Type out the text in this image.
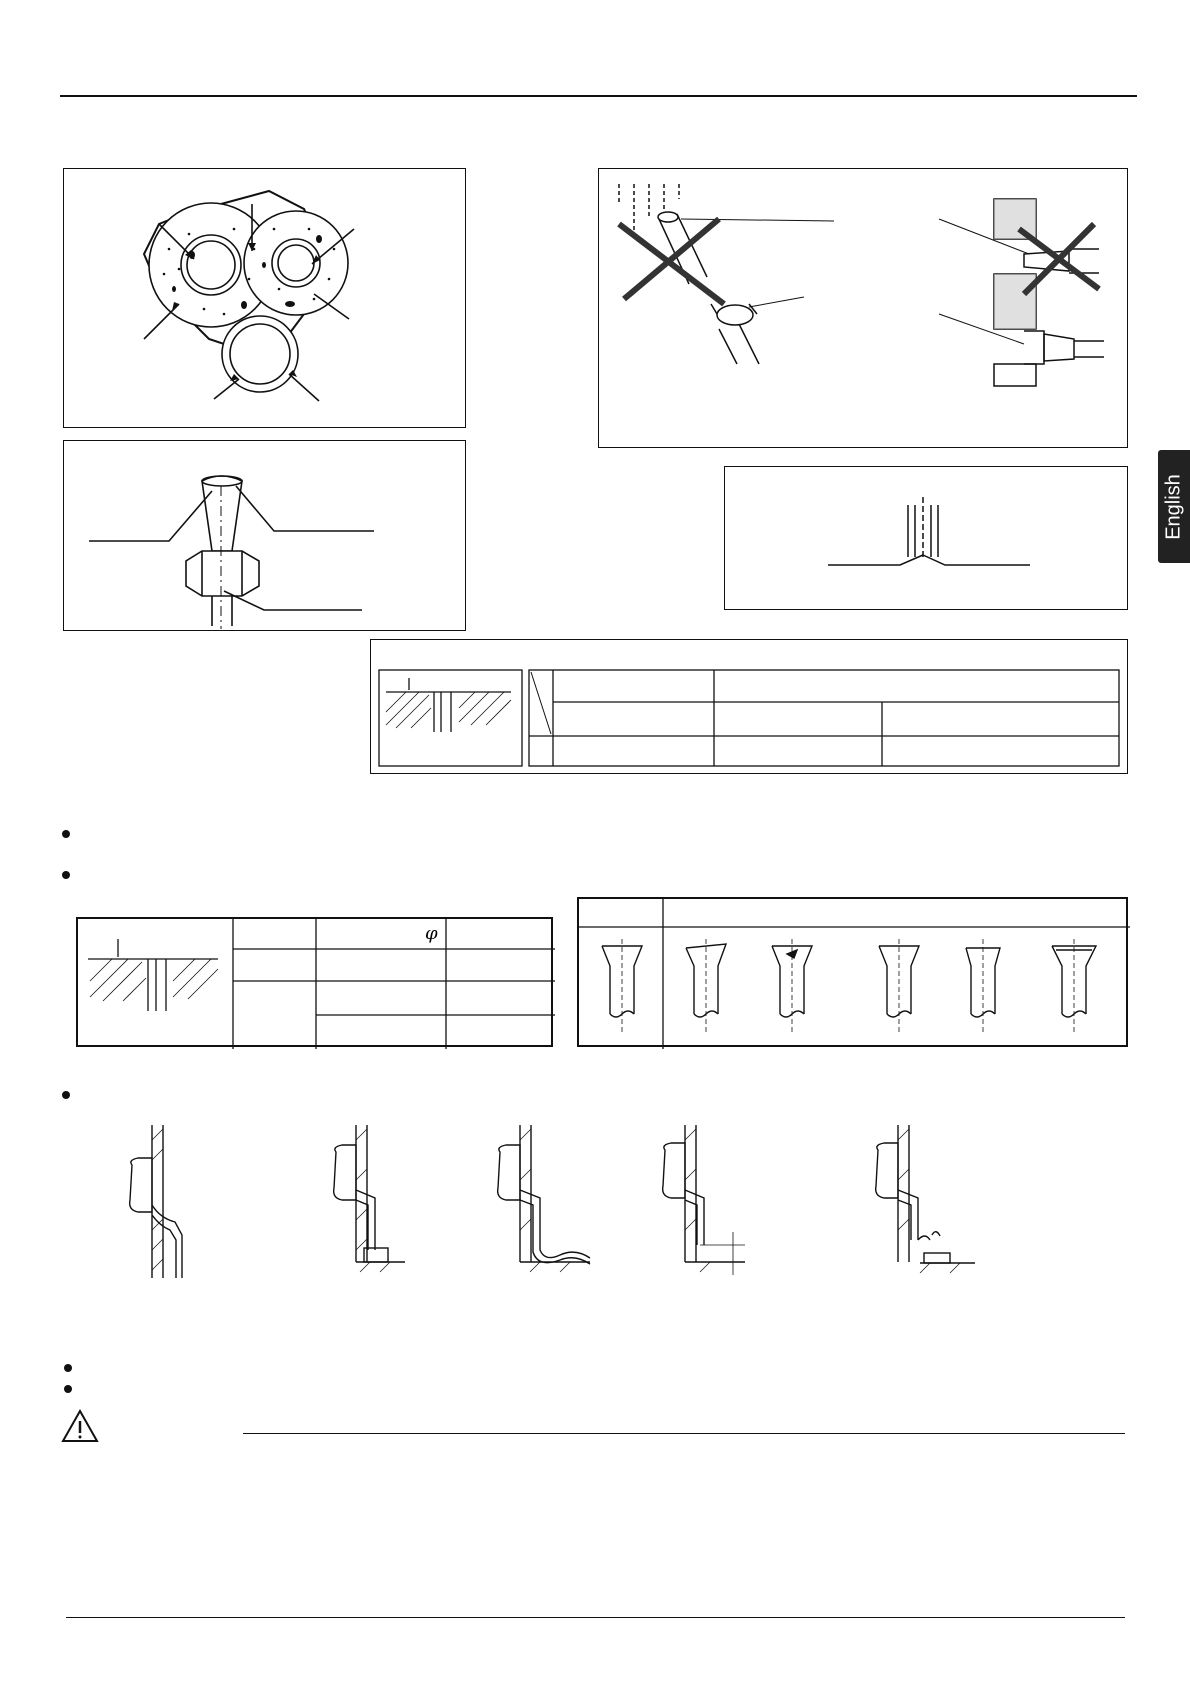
English
φ
